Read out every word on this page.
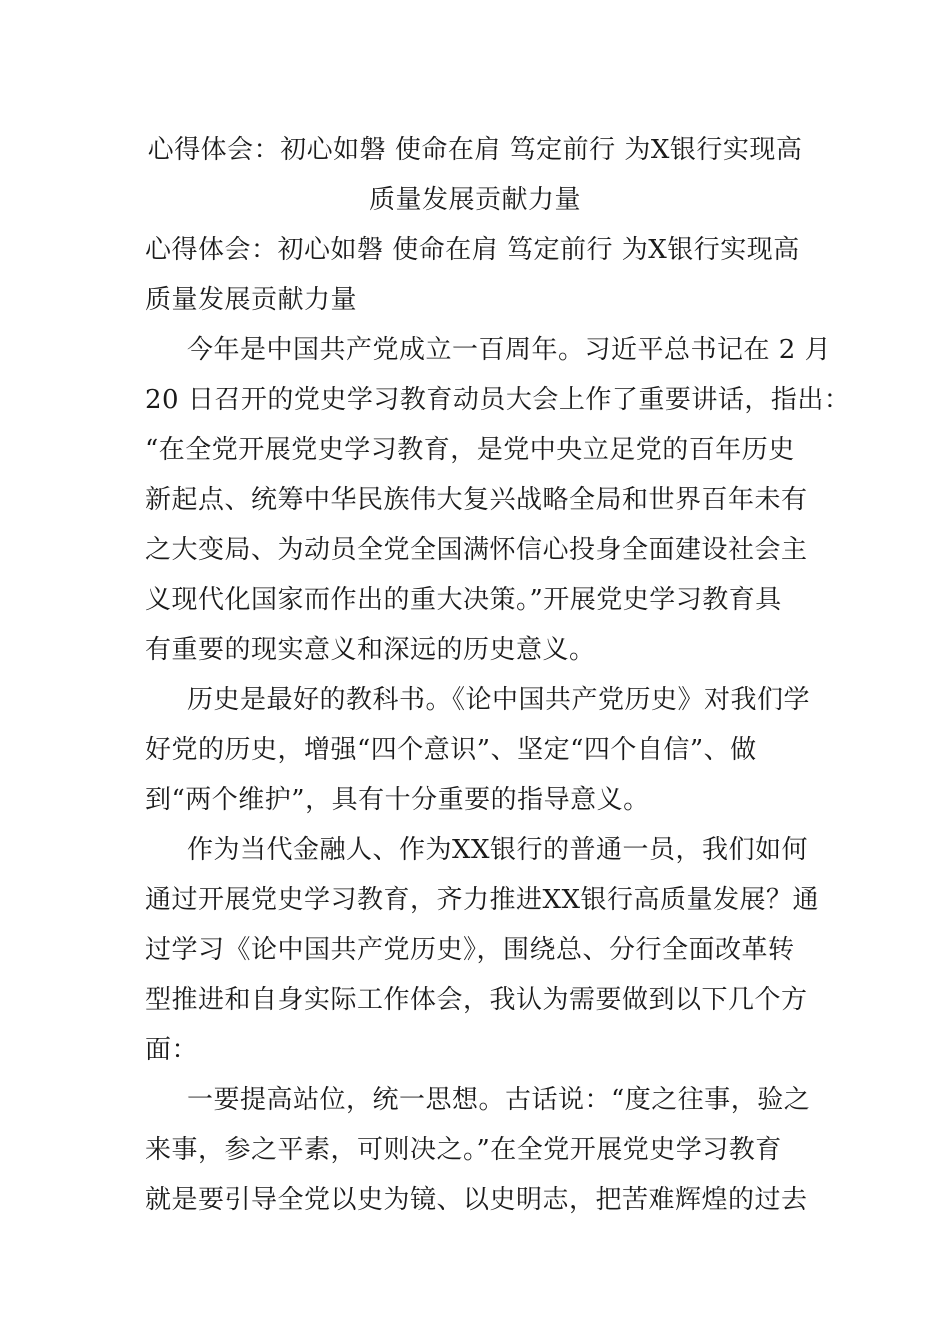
心得体会：初心如磐 使命在肩 笃定前行 为X银行实现高
质量发展贡献力量
心得体会：初心如磐 使命在肩 笃定前行 为X银行实现高
质量发展贡献力量
今年是中国共产党成立一百周年。习近平总书记在 2 月
20 日召开的党史学习教育动员大会上作了重要讲话，指出：
“在全党开展党史学习教育，是党中央立足党的百年历史
新起点、统筹中华民族伟大复兴战略全局和世界百年未有
之大变局、为动员全党全国满怀信心投身全面建设社会主
义现代化国家而作出的重大决策。”开展党史学习教育具
有重要的现实意义和深远的历史意义。
历史是最好的教科书。《论中国共产党历史》对我们学
好党的历史，增强“四个意识”、坚定“四个自信”、做
到“两个维护”，具有十分重要的指导意义。
作为当代金融人、作为XX银行的普通一员，我们如何
通过开展党史学习教育，齐力推进XX银行高质量发展？通
过学习《论中国共产党历史》，围绕总、分行全面改革转
型推进和自身实际工作体会，我认为需要做到以下几个方
面：
一要提高站位，统一思想。古话说：“度之往事，验之
来事，参之平素，可则决之。”在全党开展党史学习教育
就是要引导全党以史为镜、以史明志，把苦难辉煌的过去
